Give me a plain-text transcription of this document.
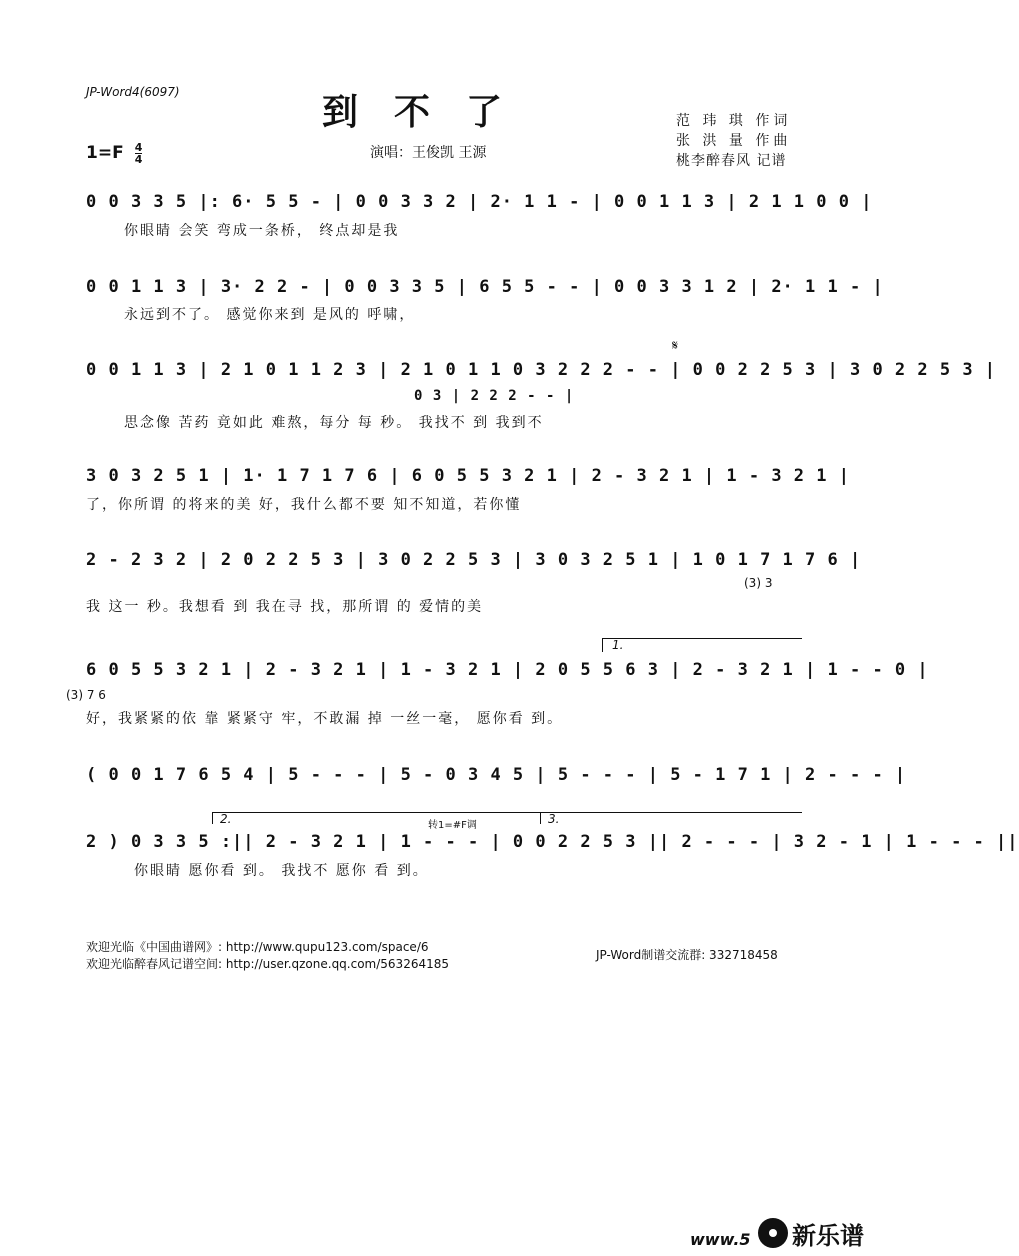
JP-Word4(6097)	到不了	范 玮 琪 作词
张 洪 量 作曲
桃李醉春风 记谱
$1=F \frac{4}{4}$	演唱：王俊凯 王源
0 0 3 3 5 |: 6· 5 5 - | 0 0 3 3 2 | 2· 1 1 - | 0 0 1 1 3 | 2 1 1 0 0 |
你眼睛 会笑 弯成一条桥， 终点却是我
0 0 1 1 3 | 3· 2 2 - | 0 0 3 3 5 | 6 5 5 - - | 0 0 3 3 1 2 | 2· 1 1 - |
永远到不了。 感觉你来到 是风的 呼啸，
0 0 1 1 3 | 2 1 0 1 1 2 3 | 2 1 0 1 1 0 3 2 2 2 - - | 0 0 2 2 5 3 | 3 0 2 2 5 3 |
0 3 | 2 2 2 - - |
𝄋
思念像 苦药 竟如此 难熬，每分 每 秒。 我找不 到 我到不
3 0 3 2 5 1 | 1· 1 7 1 7 6 | 6 0 5 5 3 2 1 | 2 - 3 2 1 | 1 - 3 2 1 |
了，你所谓 的将来的美 好，我什么都不要 知不知道，若你懂
2 - 2 3 2 | 2 0 2 2 5 3 | 3 0 2 2 5 3 | 3 0 3 2 5 1 | 1 0 1 7 1 7 6 |
(3) 3
我 这一 秒。我想看 到 我在寻 找，那所谓 的 爱情的美
1.
6 0 5 5 3 2 1 | 2 - 3 2 1 | 1 - 3 2 1 | 2 0 5 5 6 3 | 2 - 3 2 1 | 1 - - 0 |
(3) 7 6
好，我紧紧的依 靠 紧紧守 牢，不敢漏 掉 一丝一毫， 愿你看 到。
( 0 0 1 7 6 5 4 | 5 - - - | 5 - 0 3 4 5 | 5 - - - | 5 - 1 7 1 | 2 - - - |
2.	3.
转1=#F调
2 ) 0 3 3 5 :|| 2 - 3 2 1 | 1 - - - | 0 0 2 2 5 3 || 2 - - - | 3 2 - 1 | 1 - - - ||
你眼睛 愿你看 到。 我找不 愿你 看 到。
欢迎光临《中国曲谱网》: http://www.qupu123.com/space/6
欢迎光临醉春风记谱空间: http://user.qzone.qq.com/563264185
JP-Word制谱交流群: 332718458
www.5 新乐谱
